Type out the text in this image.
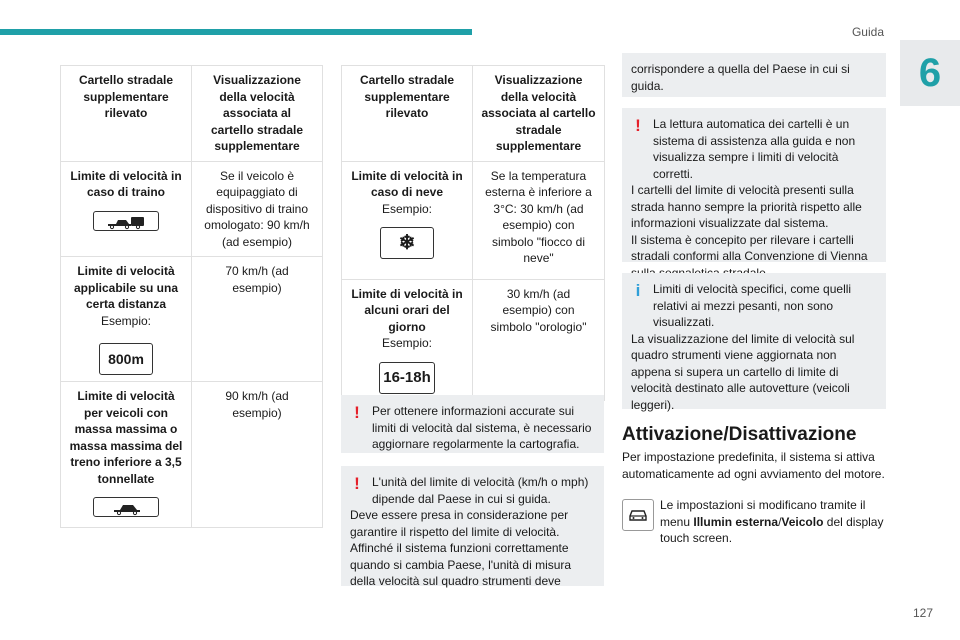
Guida
6
Cartello stradale supplementare rilevato	Visualizzazione della velocità associata al cartello stradale supplementare
Limite di velocità in caso di traino	Se il veicolo è equipaggiato di dispositivo di traino omologato: 90 km/h (ad esempio)
Limite di velocità applicabile su una certa distanza
Esempio:
800m	70 km/h (ad esempio)
Limite di velocità per veicoli con massa massima o massa massima del treno inferiore a 3,5 tonnellate	90 km/h (ad esempio)
Cartello stradale supplementare rilevato	Visualizzazione della velocità associata al cartello stradale supplementare
Limite di velocità in caso di neve
Esempio:
❄	Se la temperatura esterna è inferiore a 3°C: 30 km/h (ad esempio) con simbolo "fiocco di neve"
Limite di velocità in alcuni orari del giorno
Esempio:
16-18h	30 km/h (ad esempio) con simbolo "orologio"
!	Per ottenere informazioni accurate sui limiti di velocità dal sistema, è necessario aggiornare regolarmente la cartografia.
!	L'unità del limite di velocità (km/h o mph) dipende dal Paese in cui si guida.

Deve essere presa in considerazione per garantire il rispetto del limite di velocità. Affinché il sistema funzioni correttamente quando si cambia Paese, l'unità di misura della velocità sul quadro strumenti deve

corrispondere a quella del Paese in cui si guida.

!	La lettura automatica dei cartelli è un sistema di assistenza alla guida e non visualizza sempre i limiti di velocità corretti.

I cartelli del limite di velocità presenti sulla strada hanno sempre la priorità rispetto alle informazioni visualizzate dal sistema.

Il sistema è concepito per rilevare i cartelli stradali conformi alla Convenzione di Vienna

i	Limiti di velocità specifici, come quelli relativi ai mezzi pesanti, non sono visualizzati.

La visualizzazione del limite di velocità sul quadro strumenti viene aggiornata non appena si supera un cartello di limite di velocità destinato alle autovetture (veicoli leggeri).

Attivazione/Disattivazione
Per impostazione predefinita, il sistema si attiva automaticamente ad ogni avviamento del motore.
Le impostazioni si modificano tramite il menu Illumin esterna/Veicolo del display touch screen.
127
